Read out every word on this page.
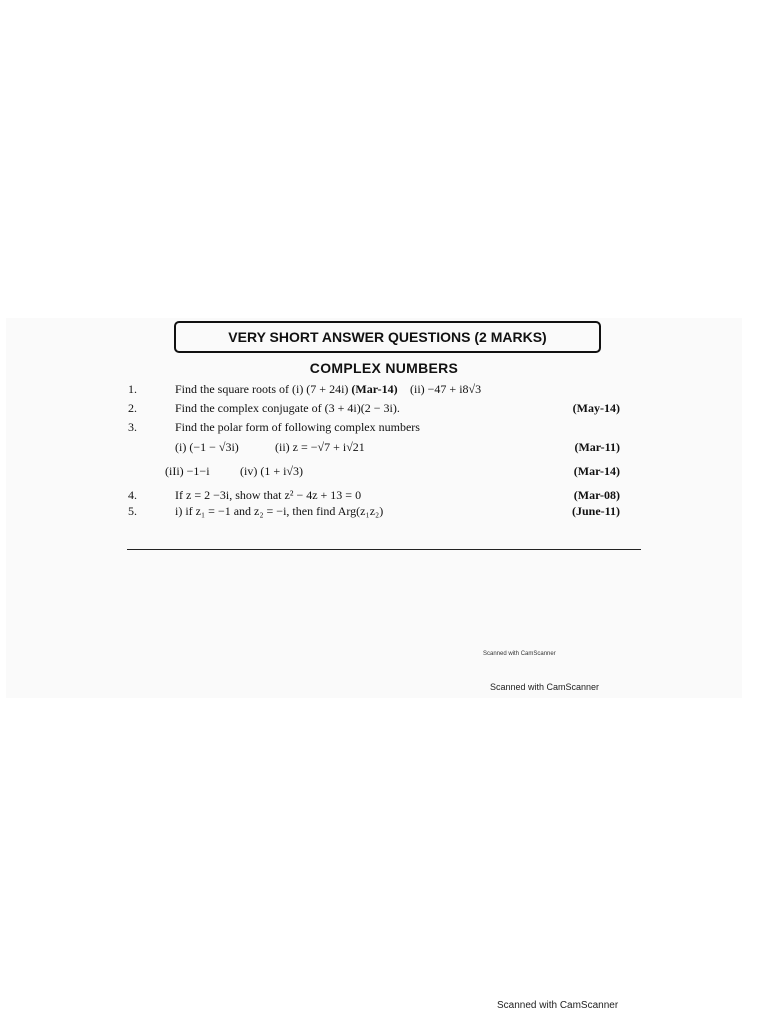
VERY SHORT ANSWER QUESTIONS (2 MARKS)
COMPLEX NUMBERS
1.	Find the square roots of (i) (7 + 24i) (Mar-14) (ii) −47 + i8√3
2.	Find the complex conjugate of (3 + 4i)(2 − 3i).	(May-14)
3.	Find the polar form of following complex numbers
(i) (−1 − √3i)	(ii) z = −√7 + i√21	(Mar-11)
(iIi) −1−i	(iv) (1 + i√3)	(Mar-14)
4.	If z = 2 −3i, show that z² − 4z + 13 = 0	(Mar-08)
5.	i) if z₁ = −1 and z₂ = −i, then find Arg(z₁z₂)	(June-11)
Scanned with CamScanner
Scanned with CamScanner
Scanned with CamScanner
